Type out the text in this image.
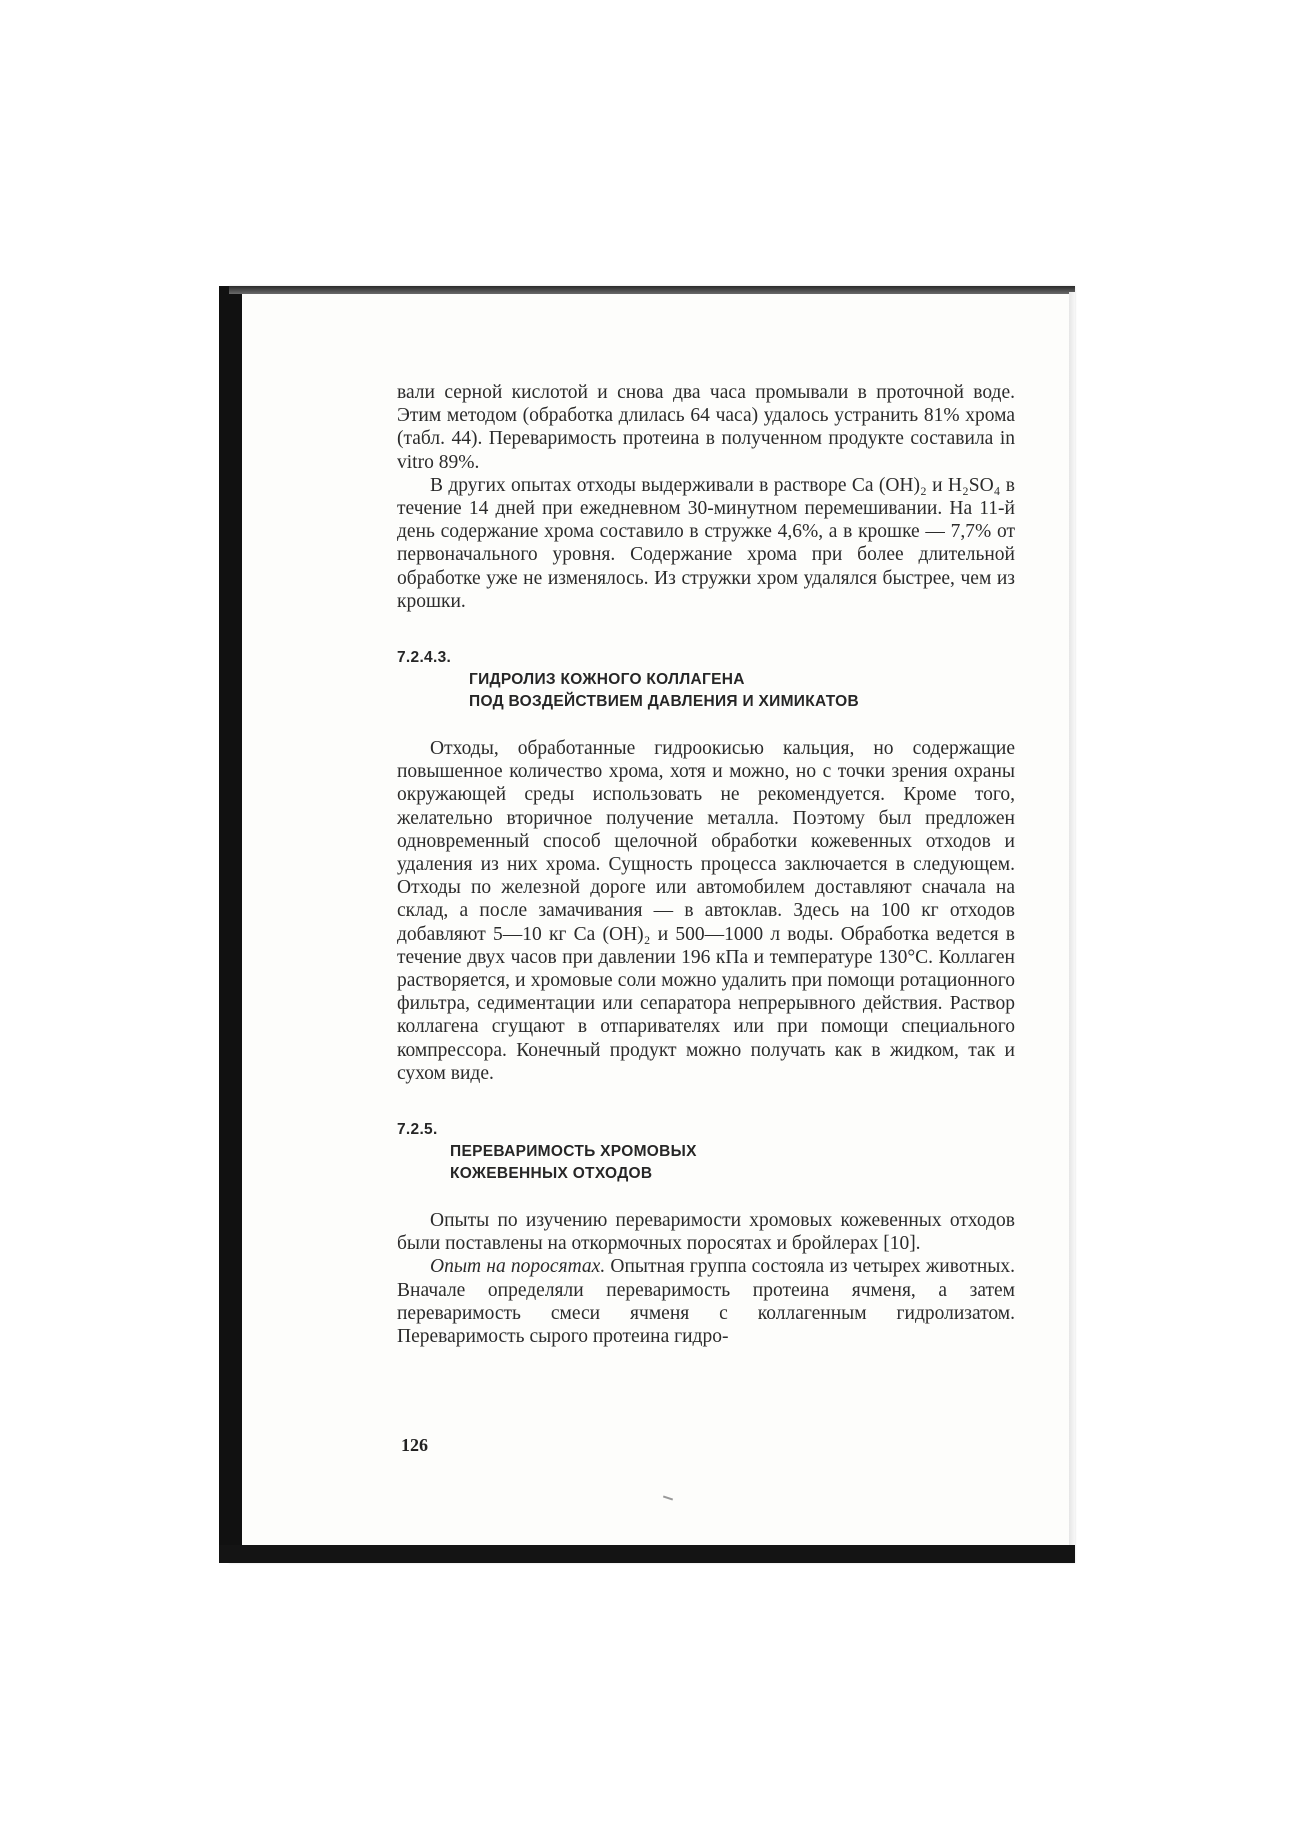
вали серной кислотой и снова два часа промывали в проточной воде. Этим методом (обработка длилась 64 часа) удалось устранить 81% хрома (табл. 44). Переваримость протеина в полученном продукте составила in vitro 89%.

В других опытах отходы выдерживали в растворе Ca (OH)₂ и H₂SO₄ в течение 14 дней при ежедневном 30-минутном перемешивании. На 11-й день содержание хрома составило в стружке 4,6%, а в крошке — 7,7% от первоначального уровня. Содержание хрома при более длительной обработке уже не изменялось. Из стружки хром удалялся быстрее, чем из крошки.

7.2.4.3.
ГИДРОЛИЗ КОЖНОГО КОЛЛАГЕНА
ПОД ВОЗДЕЙСТВИЕМ ДАВЛЕНИЯ И ХИМИКАТОВ

Отходы, обработанные гидроокисью кальция, но содержащие повышенное количество хрома, хотя и можно, но с точки зрения охраны окружающей среды использовать не рекомендуется. Кроме того, желательно вторичное получение металла. Поэтому был предложен одновременный способ щелочной обработки кожевенных отходов и удаления из них хрома. Сущность процесса заключается в следующем. Отходы по железной дороге или автомобилем доставляют сначала на склад, а после замачивания — в автоклав. Здесь на 100 кг отходов добавляют 5—10 кг Ca (OH)₂ и 500—1000 л воды. Обработка ведется в течение двух часов при давлении 196 кПа и температуре 130°С. Коллаген растворяется, и хромовые соли можно удалить при помощи ротационного фильтра, седиментации или сепаратора непрерывного действия. Раствор коллагена сгущают в отпаривателях или при помощи специального компрессора. Конечный продукт можно получать как в жидком, так и сухом виде.

7.2.5.
ПЕРЕВАРИМОСТЬ ХРОМОВЫХ
КОЖЕВЕННЫХ ОТХОДОВ

Опыты по изучению переваримости хромовых кожевенных отходов были поставлены на откормочных поросятах и бройлерах [10].

Опыт на поросятах. Опытная группа состояла из четырех животных. Вначале определяли переваримость протеина ячменя, а затем переваримость смеси ячменя с коллагенным гидролизатом. Переваримость сырого протеина гидро-

126
